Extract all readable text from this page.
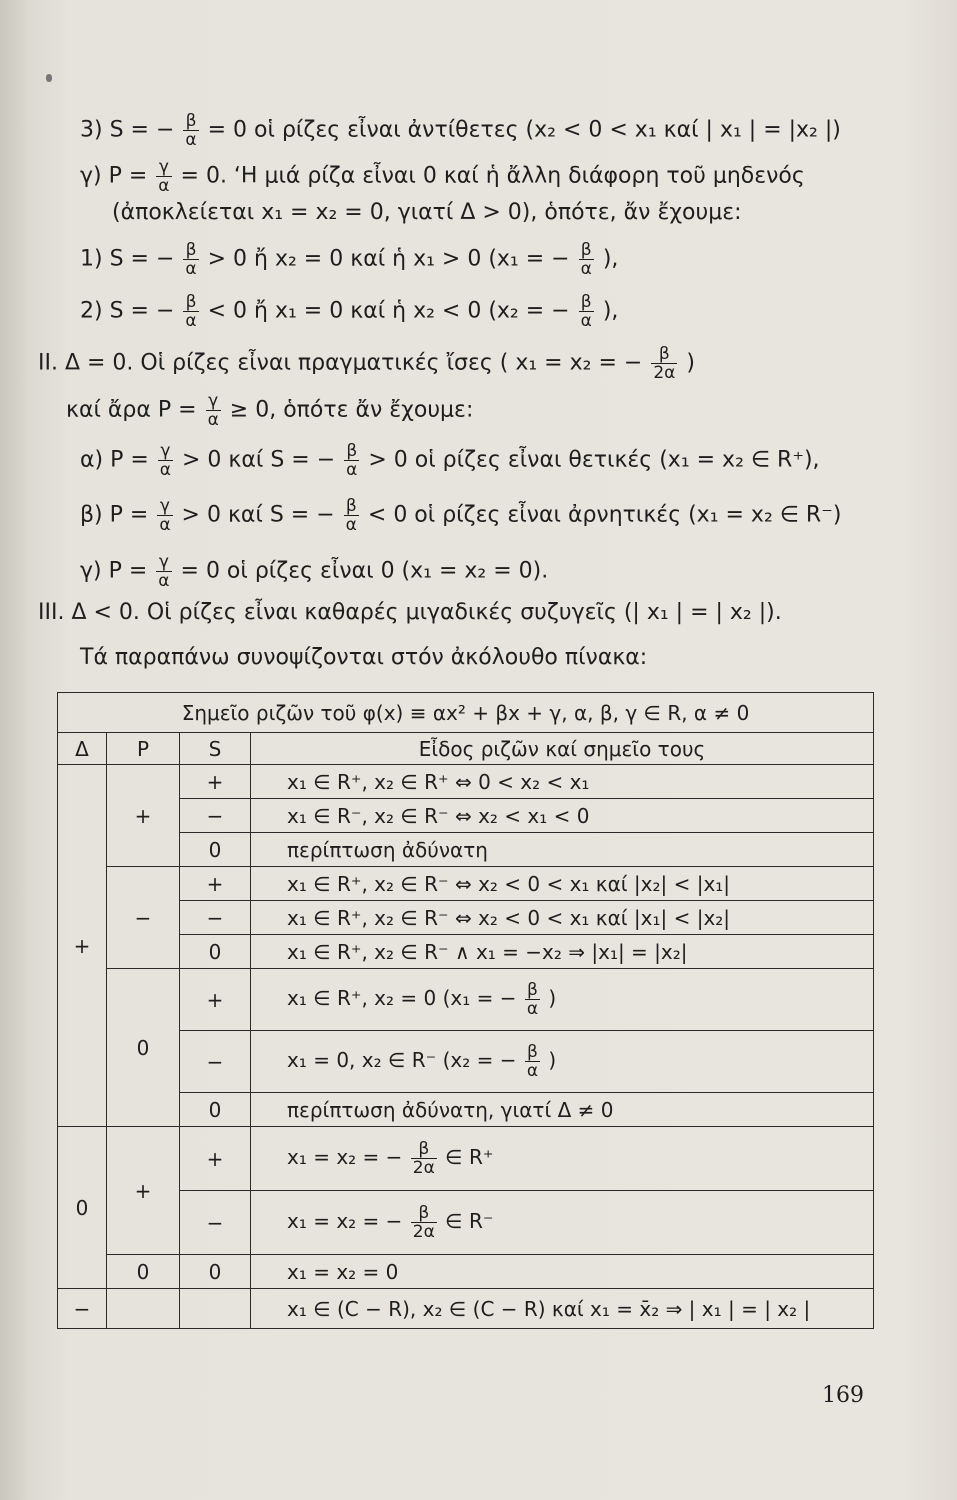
3) S = − $\frac{\beta}{\alpha} = 0$ οἱ ρίζες εἶναι ἀντίθετες (x₂ < 0 < x₁ καί | x₁ | = |x₂ |)
γ) $P = \frac{\gamma}{\alpha} = 0$. ‘Η μιά ρίζα εἶναι 0 καί ἡ ἄλλη διάφορη τοῦ μηδενός
(ἀποκλείεται x₁ = x₂ = 0, γιατί Δ > 0), ὁπότε, ἄν ἔχουμε:
1) S = − $\frac{\beta}{\alpha} > 0$ ἤ x₂ = 0 καί ἡ x₁ > 0 (x₁ = − $\frac{\beta}{\alpha}$ ),
2) S = − $\frac{\beta}{\alpha} < 0$ ἤ x₁ = 0 καί ἡ x₂ < 0 (x₂ = − $\frac{\beta}{\alpha}$ ),
II. Δ = 0. Οἱ ρίζες εἶναι πραγματικές ἴσες ( x₁ = x₂ = − $\frac{\beta}{2\alpha}$ )
καί ἄρα $P = \frac{\gamma}{\alpha} \ge 0$, ὁπότε ἄν ἔχουμε:
α) $P = \frac{\gamma}{\alpha} > 0$ καί S = − $\frac{\beta}{\alpha} > 0$ οἱ ρίζες εἶναι θετικές (x₁ = x₂ ∈ R⁺),
β) $P = \frac{\gamma}{\alpha} > 0$ καί S = − $\frac{\beta}{\alpha} < 0$ οἱ ρίζες εἶναι ἀρνητικές (x₁ = x₂ ∈ R⁻)
γ) $P = \frac{\gamma}{\alpha} = 0$ οἱ ρίζες εἶναι 0 (x₁ = x₂ = 0).
III. Δ < 0. Οἱ ρίζες εἶναι καθαρές μιγαδικές συζυγεῖς (| x₁ | = | x₂ |).
Τά παραπάνω συνοψίζονται στόν ἀκόλουθο πίνακα:
Σημεῖο ριζῶν τοῦ φ(x) ≡ αx² + βx + γ, α, β, γ ∈ R, α ≠ 0			
Δ	P	S	Εἶδος ριζῶν καί σημεῖο τους
+	+	+	x₁ ∈ R⁺, x₂ ∈ R⁺ ⇔ 0 < x₂ < x₁
		−	x₁ ∈ R⁻, x₂ ∈ R⁻ ⇔ x₂ < x₁ < 0
		0	περίπτωση ἀδύνατη
	−	+	x₁ ∈ R⁺, x₂ ∈ R⁻ ⇔ x₂ < 0 < x₁ καί |x₂| < |x₁|
		−	x₁ ∈ R⁺, x₂ ∈ R⁻ ⇔ x₂ < 0 < x₁ καί |x₁| < |x₂|
		0	x₁ ∈ R⁺, x₂ ∈ R⁻ ∧ x₁ = −x₂ ⇒ |x₁| = |x₂|
	0	+	x₁ ∈ R⁺, x₂ = 0 (x₁ = − $\frac{\beta}{\alpha}$ )
		−	x₁ = 0, x₂ ∈ R⁻ (x₂ = − $\frac{\beta}{\alpha}$ )
		0	περίπτωση ἀδύνατη, γιατί Δ ≠ 0
0	+	+	x₁ = x₂ = − $\frac{\beta}{2\alpha}$ ∈ R⁺
		−	x₁ = x₂ = − $\frac{\beta}{2\alpha}$ ∈ R⁻
	0	0	x₁ = x₂ = 0
−			x₁ ∈ (C − R), x₂ ∈ (C − R) καί x₁ = x̄₂ ⇒ | x₁ | = | x₂ |
169
